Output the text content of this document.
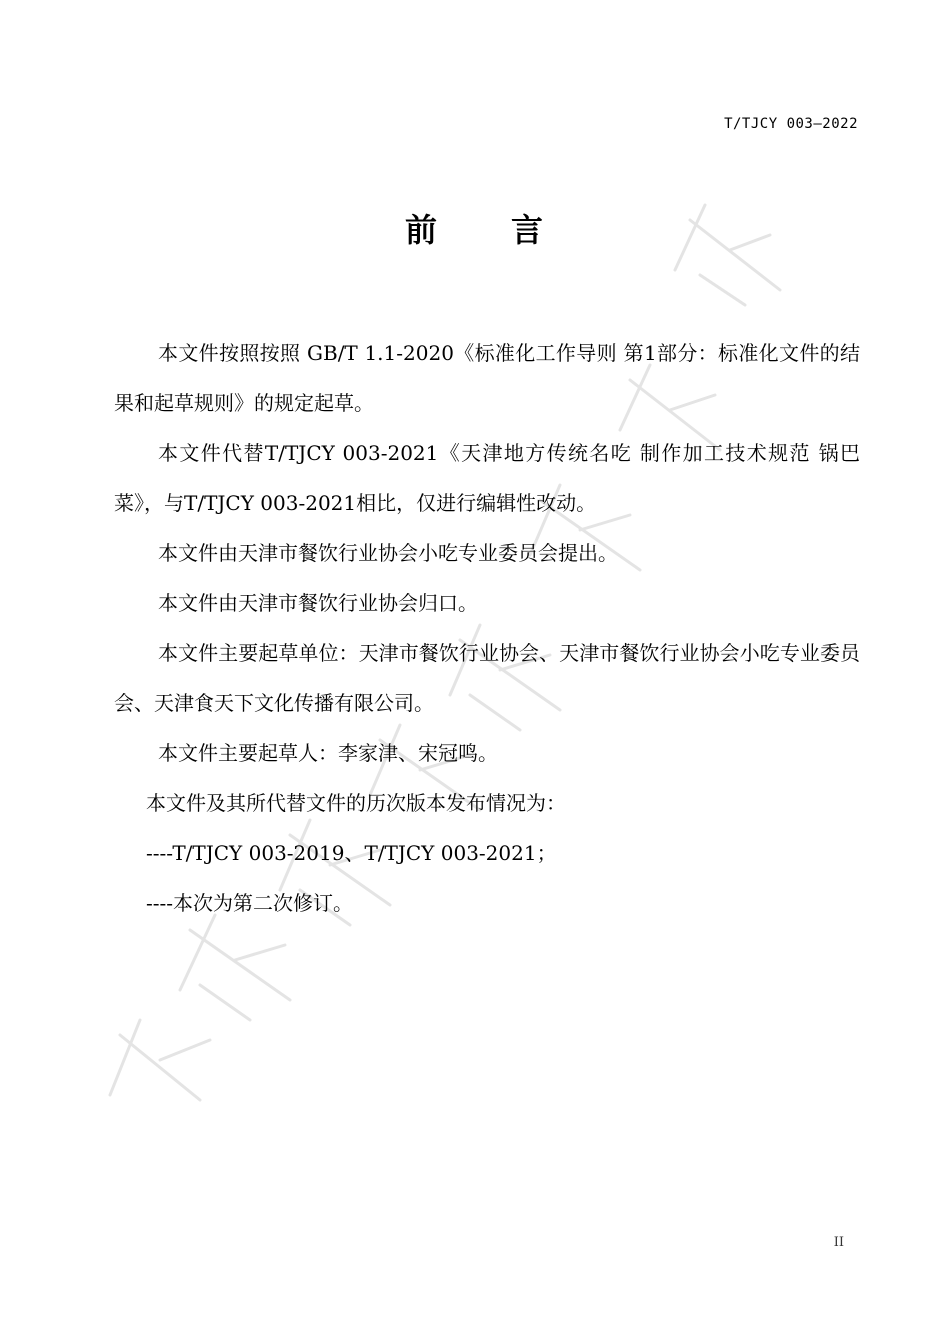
T/TJCY 003—2022
前 言

本文件按照按照 GB/T 1.1-2020《标准化工作导则 第1部分：标准化文件的结果和起草规则》的规定起草。

本文件代替T/TJCY 003-2021《天津地方传统名吃 制作加工技术规范 锅巴菜》，与T/TJCY 003-2021相比，仅进行编辑性改动。

本文件由天津市餐饮行业协会小吃专业委员会提出。

本文件由天津市餐饮行业协会归口。

本文件主要起草单位：天津市餐饮行业协会、天津市餐饮行业协会小吃专业委员会、天津食天下文化传播有限公司。

本文件主要起草人：李家津、宋冠鸣。

本文件及其所代替文件的历次版本发布情况为：

----T/TJCY 003-2019、T/TJCY 003-2021；

----本次为第二次修订。

II
